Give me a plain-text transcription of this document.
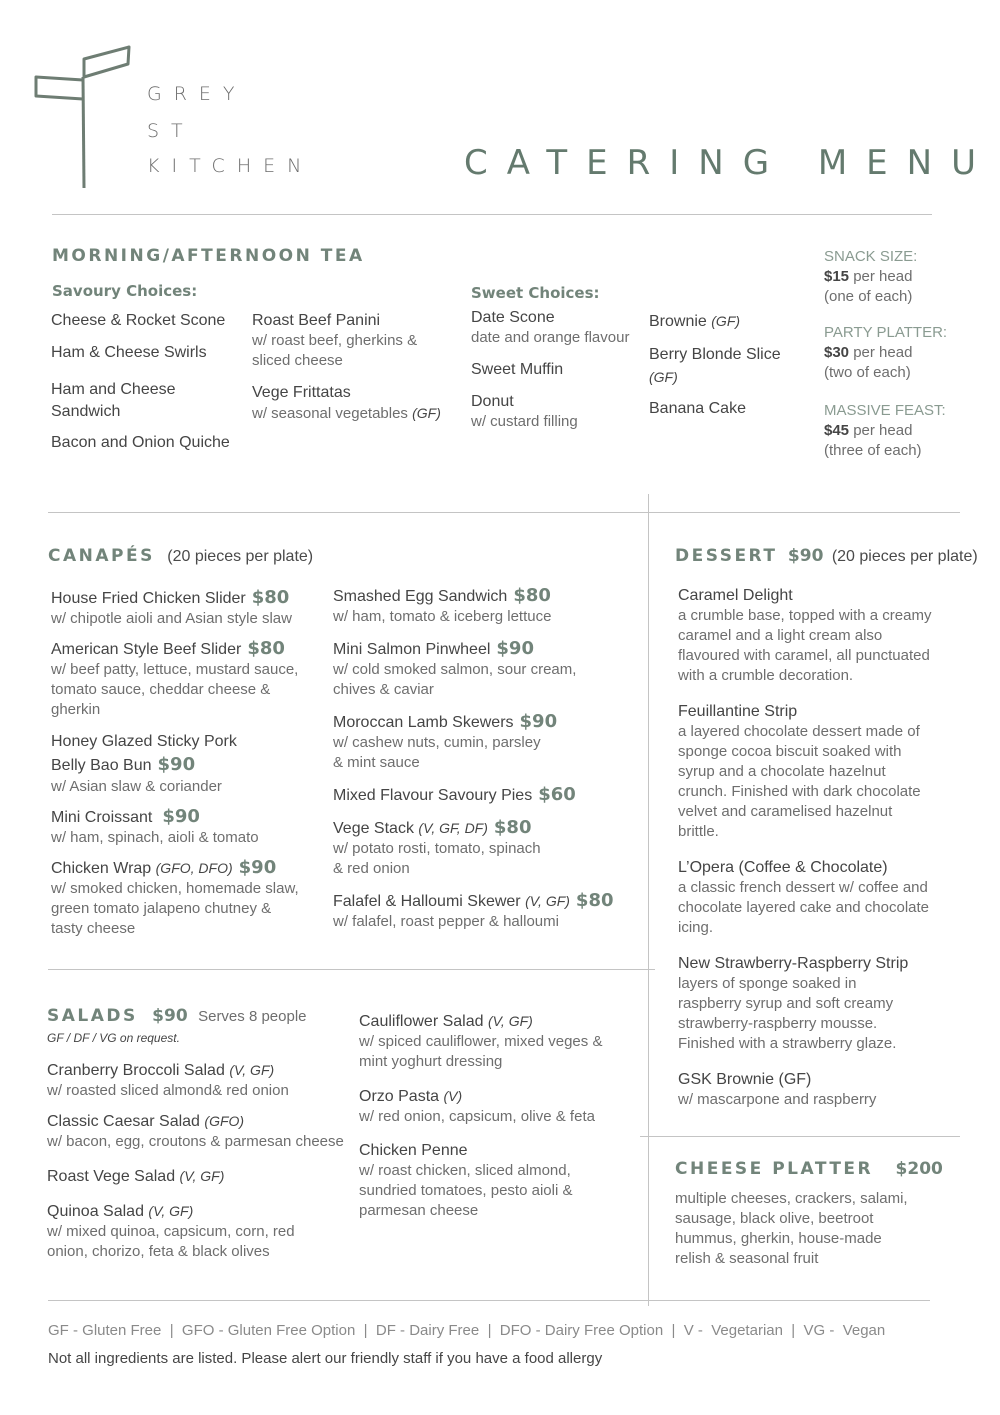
GREY
ST
KITCHEN	CATERING MENU
MORNING/AFTERNOON TEA
Savoury Choices:
Cheese & Rocket Scone
Ham & Cheese Swirls
Ham and Cheese Sandwich
Bacon and Onion Quiche
Roast Beef Panini
w/ roast beef, gherkins & sliced cheese
Vege Frittatas
w/ seasonal vegetables (GF)
Sweet Choices:
Date Scone
date and orange flavour
Sweet Muffin
Donut
w/ custard filling
Brownie (GF)
Berry Blonde Slice
(GF)
Banana Cake
SNACK SIZE:
$15 per head
(one of each)
PARTY PLATTER:
$30 per head
(two of each)
MASSIVE FEAST:
$45 per head
(three of each)
CANAPÉS (20 pieces per plate)
House Fried Chicken Slider $80
w/ chipotle aioli and Asian style slaw
American Style Beef Slider $80
w/ beef patty, lettuce, mustard sauce, tomato sauce, cheddar cheese & gherkin
Honey Glazed Sticky Pork Belly Bao Bun $90
w/ Asian slaw & coriander
Mini Croissant $90
w/ ham, spinach, aioli & tomato
Chicken Wrap (GFO, DFO) $90
w/ smoked chicken, homemade slaw, green tomato jalapeno chutney & tasty cheese
Smashed Egg Sandwich $80
w/ ham, tomato & iceberg lettuce
Mini Salmon Pinwheel $90
w/ cold smoked salmon, sour cream, chives & caviar
Moroccan Lamb Skewers $90
w/ cashew nuts, cumin, parsley & mint sauce
Mixed Flavour Savoury Pies $60
Vege Stack (V, GF, DF) $80
w/ potato rosti, tomato, spinach & red onion
Falafel & Halloumi Skewer (V, GF) $80
w/ falafel, roast pepper & halloumi
SALADS $90 Serves 8 people
GF / DF / VG on request.
Cranberry Broccoli Salad (V, GF)
w/ roasted sliced almond& red onion
Classic Caesar Salad (GFO)
w/ bacon, egg, croutons & parmesan cheese
Roast Vege Salad (V, GF)
Quinoa Salad (V, GF)
w/ mixed quinoa, capsicum, corn, red onion, chorizo, feta & black olives
Cauliflower Salad (V, GF)
w/ spiced cauliflower, mixed veges & mint yoghurt dressing
Orzo Pasta (V)
w/ red onion, capsicum, olive & feta
Chicken Penne
w/ roast chicken, sliced almond, sundried tomatoes, pesto aioli & parmesan cheese
DESSERT $90 (20 pieces per plate)
Caramel Delight
a crumble base, topped with a creamy caramel and a light cream also flavoured with caramel, all punctuated with a crumble decoration.
Feuillantine Strip
a layered chocolate dessert made of sponge cocoa biscuit soaked with syrup and a chocolate hazelnut crunch. Finished with dark chocolate velvet and caramelised hazelnut brittle.
L’Opera (Coffee & Chocolate)
a classic french dessert w/ coffee and chocolate layered cake and chocolate icing.
New Strawberry-Raspberry Strip
layers of sponge soaked in raspberry syrup and soft creamy strawberry-raspberry mousse. Finished with a strawberry glaze.
GSK Brownie (GF)
w/ mascarpone and raspberry
CHEESE PLATTER $200
multiple cheeses, crackers, salami, sausage, black olive, beetroot hummus, gherkin, house-made relish & seasonal fruit
GF - Gluten Free  |  GFO - Gluten Free Option  |  DF - Dairy Free  |  DFO - Dairy Free Option  |  V -  Vegetarian  |  VG -  Vegan
Not all ingredients are listed. Please alert our friendly staff if you have a food allergy
